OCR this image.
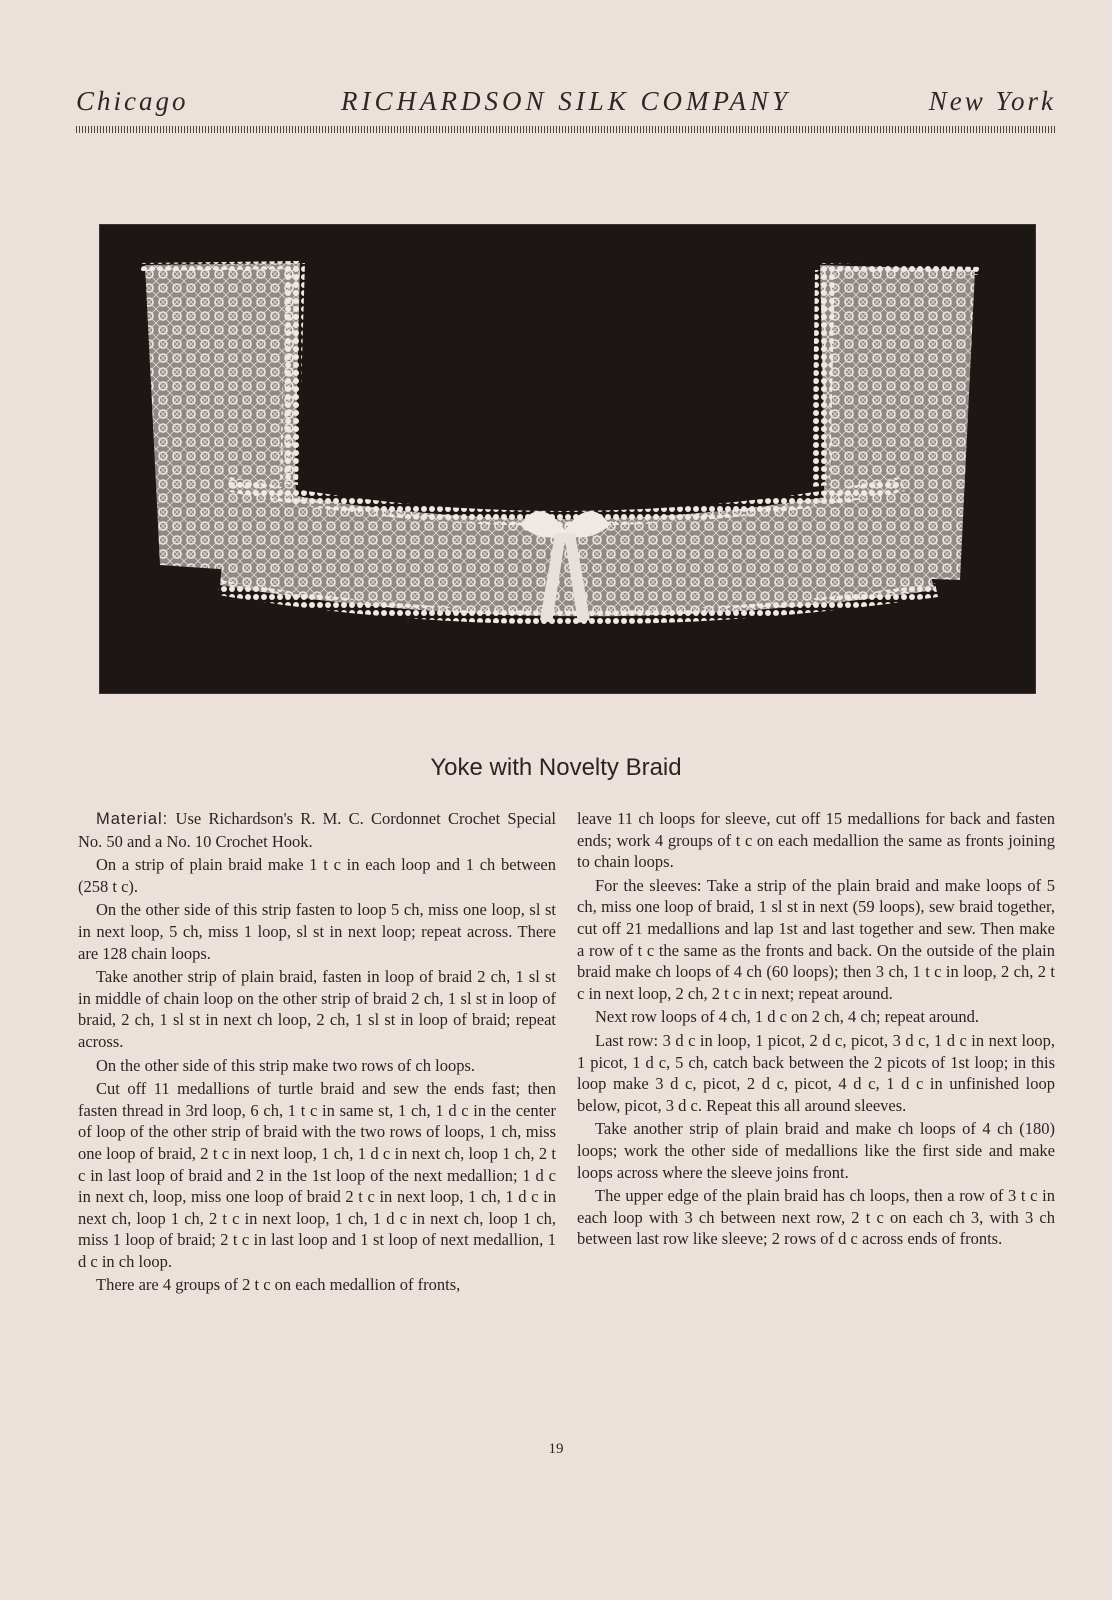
Chicago	RICHARDSON SILK COMPANY	New York
Yoke with Novelty Braid

Material: Use Richardson's R. M. C. Cordonnet Crochet Special No. 50 and a No. 10 Crochet Hook.

On a strip of plain braid make 1 t c in each loop and 1 ch between (258 t c).

On the other side of this strip fasten to loop 5 ch, miss one loop, sl st in next loop, 5 ch, miss 1 loop, sl st in next loop; repeat across. There are 128 chain loops.

Take another strip of plain braid, fasten in loop of braid 2 ch, 1 sl st in middle of chain loop on the other strip of braid 2 ch, 1 sl st in loop of braid, 2 ch, 1 sl st in next ch loop, 2 ch, 1 sl st in loop of braid; repeat across.

On the other side of this strip make two rows of ch loops.

Cut off 11 medallions of turtle braid and sew the ends fast; then fasten thread in 3rd loop, 6 ch, 1 t c in same st, 1 ch, 1 d c in the center of loop of the other strip of braid with the two rows of loops, 1 ch, miss one loop of braid, 2 t c in next loop, 1 ch, 1 d c in next ch, loop 1 ch, 2 t c in last loop of braid and 2 in the 1st loop of the next medallion; 1 d c in next ch, loop, miss one loop of braid 2 t c in next loop, 1 ch, 1 d c in next ch, loop 1 ch, 2 t c in next loop, 1 ch, 1 d c in next ch, loop 1 ch, miss 1 loop of braid; 2 t c in last loop and 1 st loop of next medallion, 1 d c in ch loop.

There are 4 groups of 2 t c on each medallion of fronts,

leave 11 ch loops for sleeve, cut off 15 medallions for back and fasten ends; work 4 groups of t c on each medallion the same as fronts joining to chain loops.

For the sleeves: Take a strip of the plain braid and make loops of 5 ch, miss one loop of braid, 1 sl st in next (59 loops), sew braid together, cut off 21 medallions and lap 1st and last together and sew. Then make a row of t c the same as the fronts and back. On the outside of the plain braid make ch loops of 4 ch (60 loops); then 3 ch, 1 t c in loop, 2 ch, 2 t c in next loop, 2 ch, 2 t c in next; repeat around.

Next row loops of 4 ch, 1 d c on 2 ch, 4 ch; repeat around.

Last row: 3 d c in loop, 1 picot, 2 d c, picot, 3 d c, 1 d c in next loop, 1 picot, 1 d c, 5 ch, catch back between the 2 picots of 1st loop; in this loop make 3 d c, picot, 2 d c, picot, 4 d c, 1 d c in unfinished loop below, picot, 3 d c. Repeat this all around sleeves.

Take another strip of plain braid and make ch loops of 4 ch (180) loops; work the other side of medallions like the first side and make loops across where the sleeve joins front.

The upper edge of the plain braid has ch loops, then a row of 3 t c in each loop with 3 ch between next row, 2 t c on each ch 3, with 3 ch between last row like sleeve; 2 rows of d c across ends of fronts.

19
